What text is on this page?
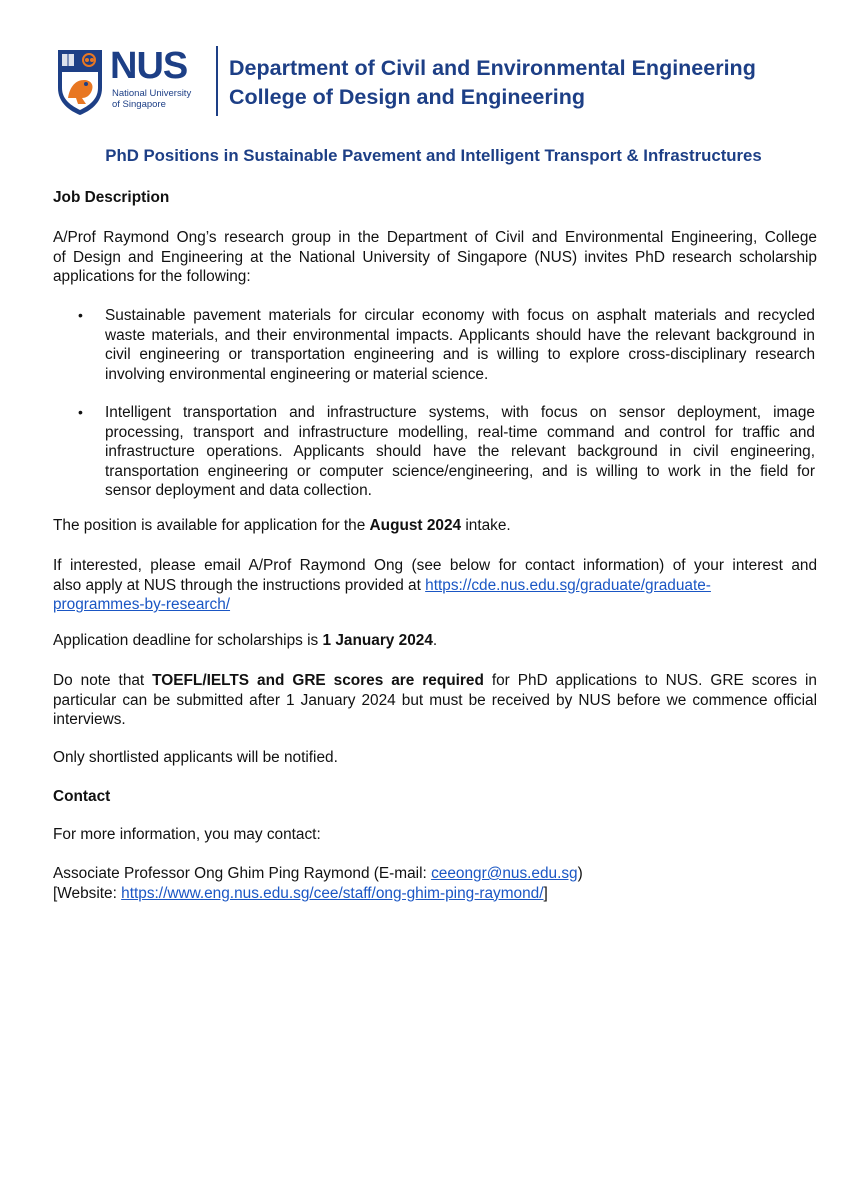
NUS
National University
of Singapore
Department of Civil and Environmental Engineering
College of Design and Engineering
PhD Positions in Sustainable Pavement and Intelligent Transport & Infrastructures
Job Description
A/Prof Raymond Ong’s research group in the Department of Civil and Environmental Engineering, College
of Design and Engineering at the National University of Singapore (NUS) invites PhD research scholarship
applications for the following:
• Sustainable pavement materials for circular economy with focus on asphalt materials and recycled
waste materials, and their environmental impacts. Applicants should have the relevant background in
civil engineering or transportation engineering and is willing to explore cross-disciplinary research
involving environmental engineering or material science.
• Intelligent transportation and infrastructure systems, with focus on sensor deployment, image
processing, transport and infrastructure modelling, real-time command and control for traffic and
infrastructure operations. Applicants should have the relevant background in civil engineering,
transportation engineering or computer science/engineering, and is willing to work in the field for
sensor deployment and data collection.
The position is available for application for the August 2024 intake.
If interested, please email A/Prof Raymond Ong (see below for contact information) of your interest and
also apply at NUS through the instructions provided at https://cde.nus.edu.sg/graduate/graduate-
programmes-by-research/
Application deadline for scholarships is 1 January 2024.
Do note that TOEFL/IELTS and GRE scores are required for PhD applications to NUS. GRE scores in
particular can be submitted after 1 January 2024 but must be received by NUS before we commence official
interviews.
Only shortlisted applicants will be notified.
Contact
For more information, you may contact:
Associate Professor Ong Ghim Ping Raymond (E-mail: ceeongr@nus.edu.sg)
[Website: https://www.eng.nus.edu.sg/cee/staff/ong-ghim-ping-raymond/]
